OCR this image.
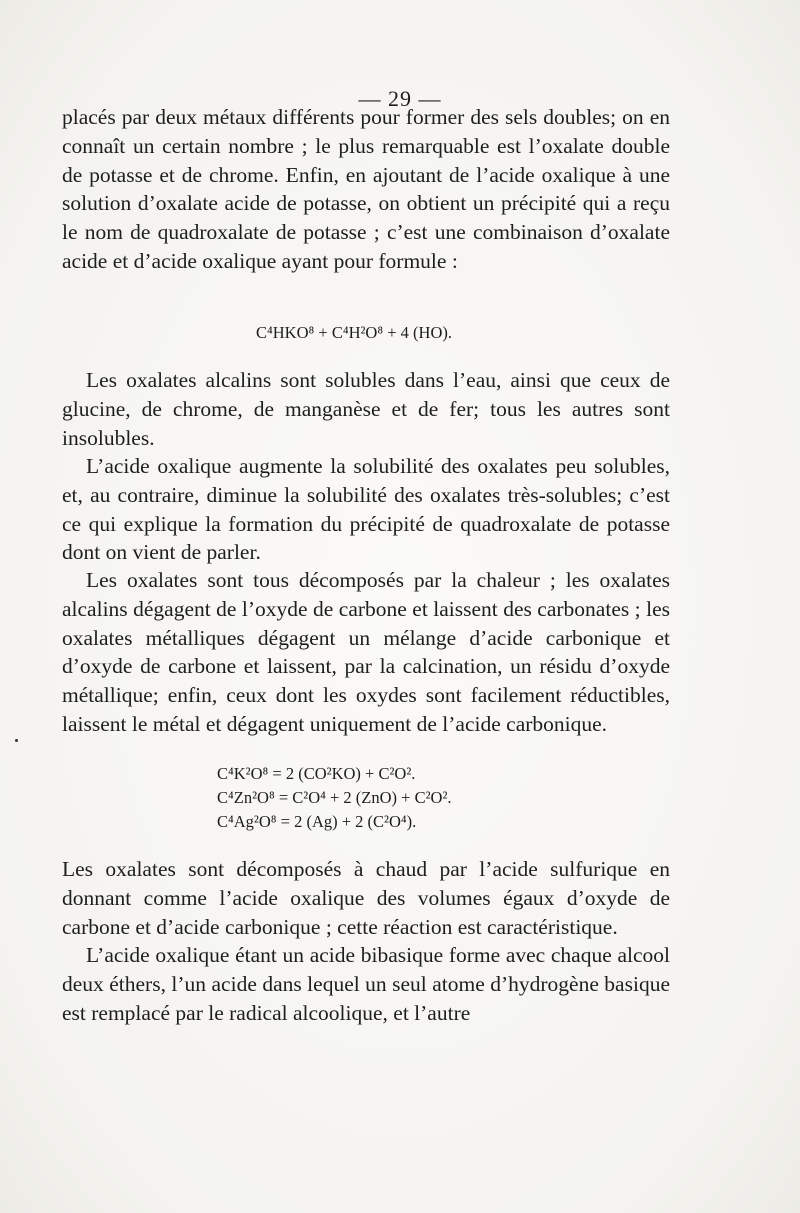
— 29 —

placés par deux métaux différents pour former des sels doubles; on en connaît un certain nombre ; le plus remarquable est l’oxalate double de potasse et de chrome. Enfin, en ajoutant de l’acide oxalique à une solution d’oxalate acide de potasse, on obtient un précipité qui a reçu le nom de quadroxalate de potasse ; c’est une combinaison d’oxalate acide et d’acide oxalique ayant pour formule :

C⁴HKO⁸ + C⁴H²O⁸ + 4 (HO).

Les oxalates alcalins sont solubles dans l’eau, ainsi que ceux de glucine, de chrome, de manganèse et de fer; tous les autres sont insolubles.

L’acide oxalique augmente la solubilité des oxalates peu solubles, et, au contraire, diminue la solubilité des oxalates très-solubles; c’est ce qui explique la formation du précipité de quadroxalate de potasse dont on vient de parler.

Les oxalates sont tous décomposés par la chaleur ; les oxalates alcalins dégagent de l’oxyde de carbone et laissent des carbonates ; les oxalates métalliques dégagent un mélange d’acide carbonique et d’oxyde de carbone et laissent, par la calcination, un résidu d’oxyde métallique; enfin, ceux dont les oxydes sont facilement réductibles, laissent le métal et dégagent uniquement de l’acide carbonique.

C⁴K²O⁸ = 2 (CO²KO) + C²O².
C⁴Zn²O⁸ = C²O⁴ + 2 (ZnO) + C²O².
C⁴Ag²O⁸ = 2 (Ag) + 2 (C²O⁴).

Les oxalates sont décomposés à chaud par l’acide sulfurique en donnant comme l’acide oxalique des volumes égaux d’oxyde de carbone et d’acide carbonique ; cette réaction est caractéristique.

L’acide oxalique étant un acide bibasique forme avec chaque alcool deux éthers, l’un acide dans lequel un seul atome d’hydrogène basique est remplacé par le radical alcoolique, et l’autre
